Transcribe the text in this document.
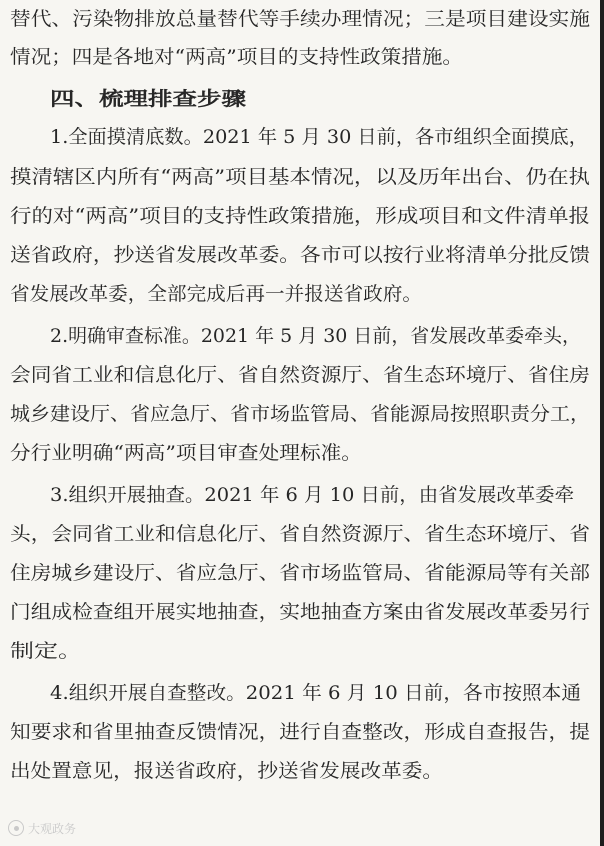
替代、污染物排放总量替代等手续办理情况；三是项目建设实施
情况；四是各地对“两高”项目的支持性政策措施。
四、梳理排查步骤
1.全面摸清底数。2021 年 5 月 30 日前，各市组织全面摸底，
摸清辖区内所有“两高”项目基本情况，以及历年出台、仍在执
行的对“两高”项目的支持性政策措施，形成项目和文件清单报
送省政府，抄送省发展改革委。各市可以按行业将清单分批反馈
省发展改革委，全部完成后再一并报送省政府。
2.明确审查标准。2021 年 5 月 30 日前，省发展改革委牵头，
会同省工业和信息化厅、省自然资源厅、省生态环境厅、省住房
城乡建设厅、省应急厅、省市场监管局、省能源局按照职责分工，
分行业明确“两高”项目审查处理标准。
3.组织开展抽查。2021 年 6 月 10 日前，由省发展改革委牵
头，会同省工业和信息化厅、省自然资源厅、省生态环境厅、省
住房城乡建设厅、省应急厅、省市场监管局、省能源局等有关部
门组成检查组开展实地抽查，实地抽查方案由省发展改革委另行
制定。
4.组织开展自查整改。2021 年 6 月 10 日前，各市按照本通
知要求和省里抽查反馈情况，进行自查整改，形成自查报告，提
出处置意见，报送省政府，抄送省发展改革委。
大观政务
